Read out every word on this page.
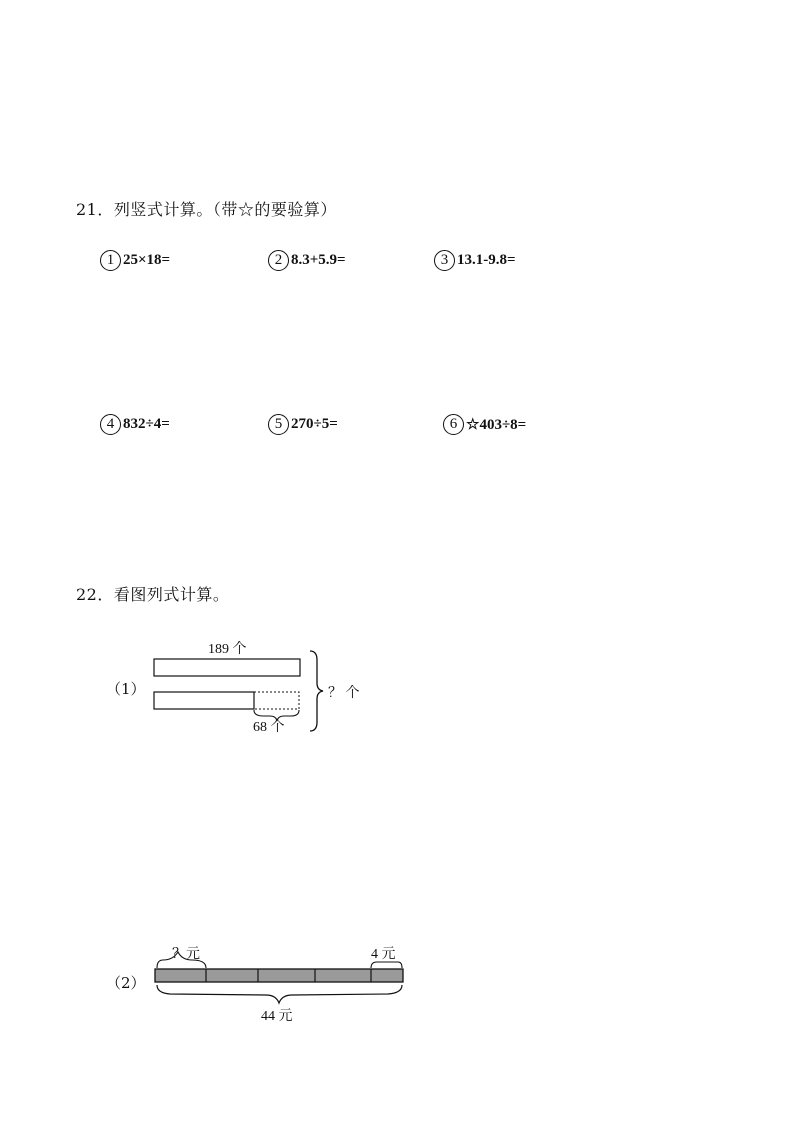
21．列竖式计算。（带☆的要验算）
1 25×18=	2 8.3+5.9=	3 13.1-9.8=
4 832÷4=	5 270÷5=	6 ☆403÷8=
22．看图列式计算。
（1）
（2）
189 个
68 个
？ 个
？元	4 元
44 元
